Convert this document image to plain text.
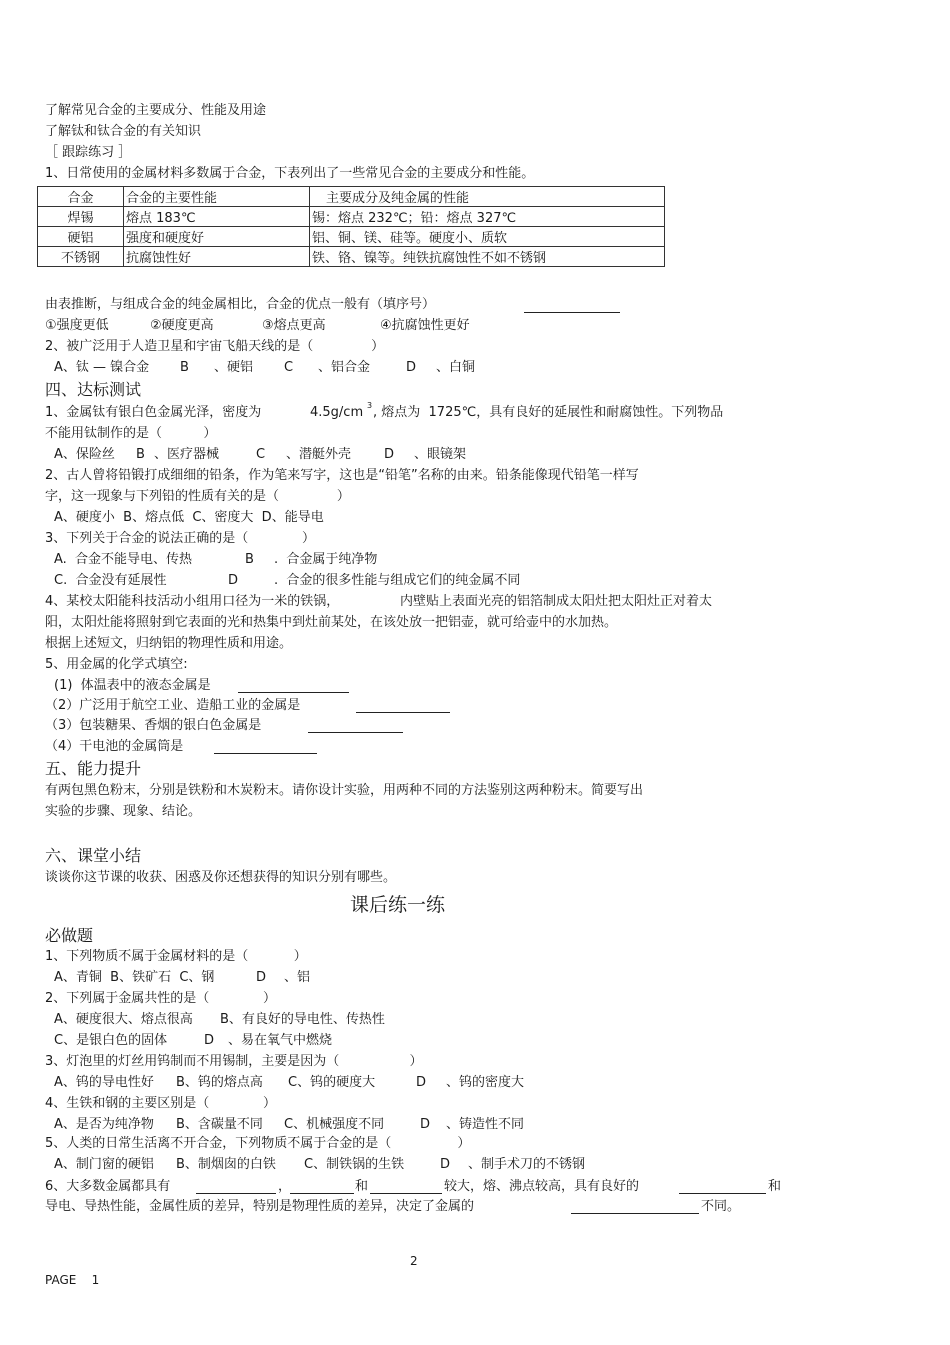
了解常见合金的主要成分、性能及用途
了解钛和钛合金的有关知识
［ 跟踪练习 ］
1、日常使用的金属材料多数属于合金，下表列出了一些常见合金的主要成分和性能。
合金	合金的主要性能	主要成分及纯金属的性能
焊锡	熔点 183℃	锡：熔点 232℃；铅：熔点 327℃
硬铝	强度和硬度好	铝、铜、镁、硅等。硬度小、质软
不锈钢	抗腐蚀性好	铁、铬、镍等。纯铁抗腐蚀性不如不锈钢
由表推断，与组成合金的纯金属相比，合金的优点一般有（填序号）
①强度更低	②硬度更高	③熔点更高	④抗腐蚀性更好
2、被广泛用于人造卫星和宇宙飞船天线的是（              ）
A、钛 — 镍合金 B 、硬铝 C 、铝合金	D 、白铜
四、达标测试
1、金属钛有银白色金属光泽，密度为	4.5g/cm 3 , 熔点为  1725℃，具有良好的延展性和耐腐蚀性。下列物品
不能用钛制作的是（          ）
A、保险丝 B 、医疗器械	C 、潜艇外壳	D 、眼镜架
2、古人曾将铅锻打成细细的铅条，作为笔来写字，这也是“铅笔”名称的由来。铅条能像现代铅笔一样写
字，这一现象与下列铅的性质有关的是（              ）
A、硬度小  B、熔点低  C、密度大  D、能导电
3、下列关于合金的说法正确的是（             ）
A.  合金不能导电、传热	B .  合金属于纯净物
C.  合金没有延展性	D	.  合金的很多性能与组成它们的纯金属不同
4、某校太阳能科技活动小组用口径为一米的铁锅，	内壁贴上表面光亮的铝箔制成太阳灶把太阳灶正对着太
阳，太阳灶能将照射到它表面的光和热集中到灶前某处，在该处放一把铝壶，就可给壶中的水加热。
根据上述短文，归纳铝的物理性质和用途。
5、用金属的化学式填空:
(1)  体温表中的液态金属是
（2）广泛用于航空工业、造船工业的金属是
（3）包装糖果、香烟的银白色金属是
（4）干电池的金属筒是
五、能力提升
有两包黑色粉末，分别是铁粉和木炭粉末。请你设计实验，用两种不同的方法鉴别这两种粉末。简要写出
实验的步骤、现象、结论。
六、课堂小结
谈谈你这节课的收获、困惑及你还想获得的知识分别有哪些。
课后练一练
必做题
1、下列物质不属于金属材料的是（           ）
A、青铜  B、铁矿石  C、钢	D 、铝
2、下列属于金属共性的是（             ）
A、硬度很大、熔点很高 B、有良好的导电性、传热性
C、是银白色的固体	D 、易在氧气中燃烧
3、灯泡里的灯丝用钨制而不用锡制，主要是因为（                 ）
A、钨的导电性好 B、钨的熔点高 C、钨的硬度大	D 、钨的密度大
4、生铁和钢的主要区别是（             ）
A、是否为纯净物 B、含碳量不同 C、机械强度不同	D 、铸造性不同
5、人类的日常生活离不开合金，下列物质不属于合金的是（                ）
A、制门窗的硬铝 B、制烟囱的白铁 C、制铁锅的生铁	D 、制手术刀的不锈钢
6、大多数金属都具有	，	和	较大，熔、沸点较高，具有良好的	和
导电、导热性能，金属性质的差异，特别是物理性质的差异，决定了金属的	不同。
2
PAGE    1
